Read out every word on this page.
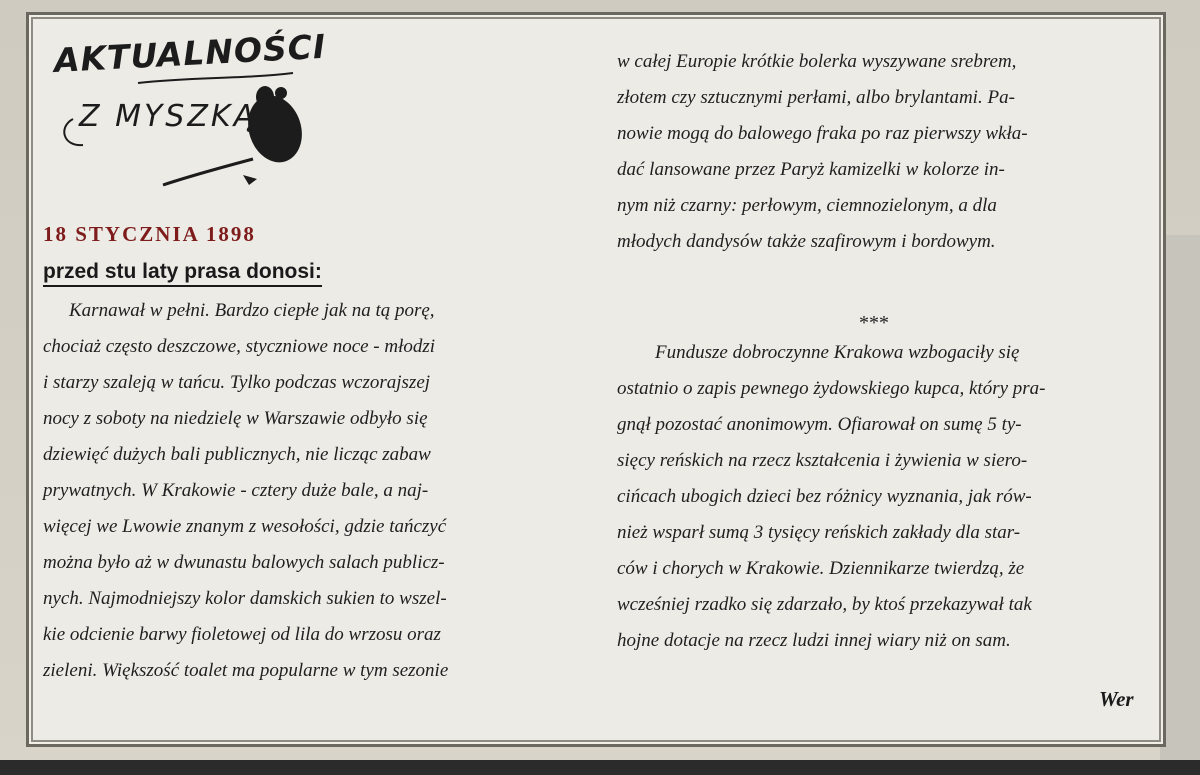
AKTUALNOŚCI
Z MYSZKĄ
18 STYCZNIA 1898
przed stu laty prasa donosi:
Karnawał w pełni. Bardzo ciepłe jak na tą porę,
chociaż często deszczowe, styczniowe noce - młodzi
i starzy szaleją w tańcu. Tylko podczas wczorajszej
nocy z soboty na niedzielę w Warszawie odbyło się
dziewięć dużych bali publicznych, nie licząc zabaw
prywatnych. W Krakowie - cztery duże bale, a naj-
więcej we Lwowie znanym z wesołości, gdzie tańczyć
można było aż w dwunastu balowych salach publicz-
nych. Najmodniejszy kolor damskich sukien to wszel-
kie odcienie barwy fioletowej od lila do wrzosu oraz
zieleni. Większość toalet ma popularne w tym sezonie
w całej Europie krótkie bolerka wyszywane srebrem,
złotem czy sztucznymi perłami, albo brylantami. Pa-
nowie mogą do balowego fraka po raz pierwszy wkła-
dać lansowane przez Paryż kamizelki w kolorze in-
nym niż czarny: perłowym, ciemnozielonym, a dla
młodych dandysów także szafirowym i bordowym.
***
Fundusze dobroczynne Krakowa wzbogaciły się
ostatnio o zapis pewnego żydowskiego kupca, który pra-
gnął pozostać anonimowym. Ofiarował on sumę 5 ty-
sięcy reńskich na rzecz kształcenia i żywienia w siero-
cińcach ubogich dzieci bez różnicy wyznania, jak rów-
nież wsparł sumą 3 tysięcy reńskich zakłady dla star-
ców i chorych w Krakowie. Dziennikarze twierdzą, że
wcześniej rzadko się zdarzało, by ktoś przekazywał tak
hojne dotacje na rzecz ludzi innej wiary niż on sam.
Wer
